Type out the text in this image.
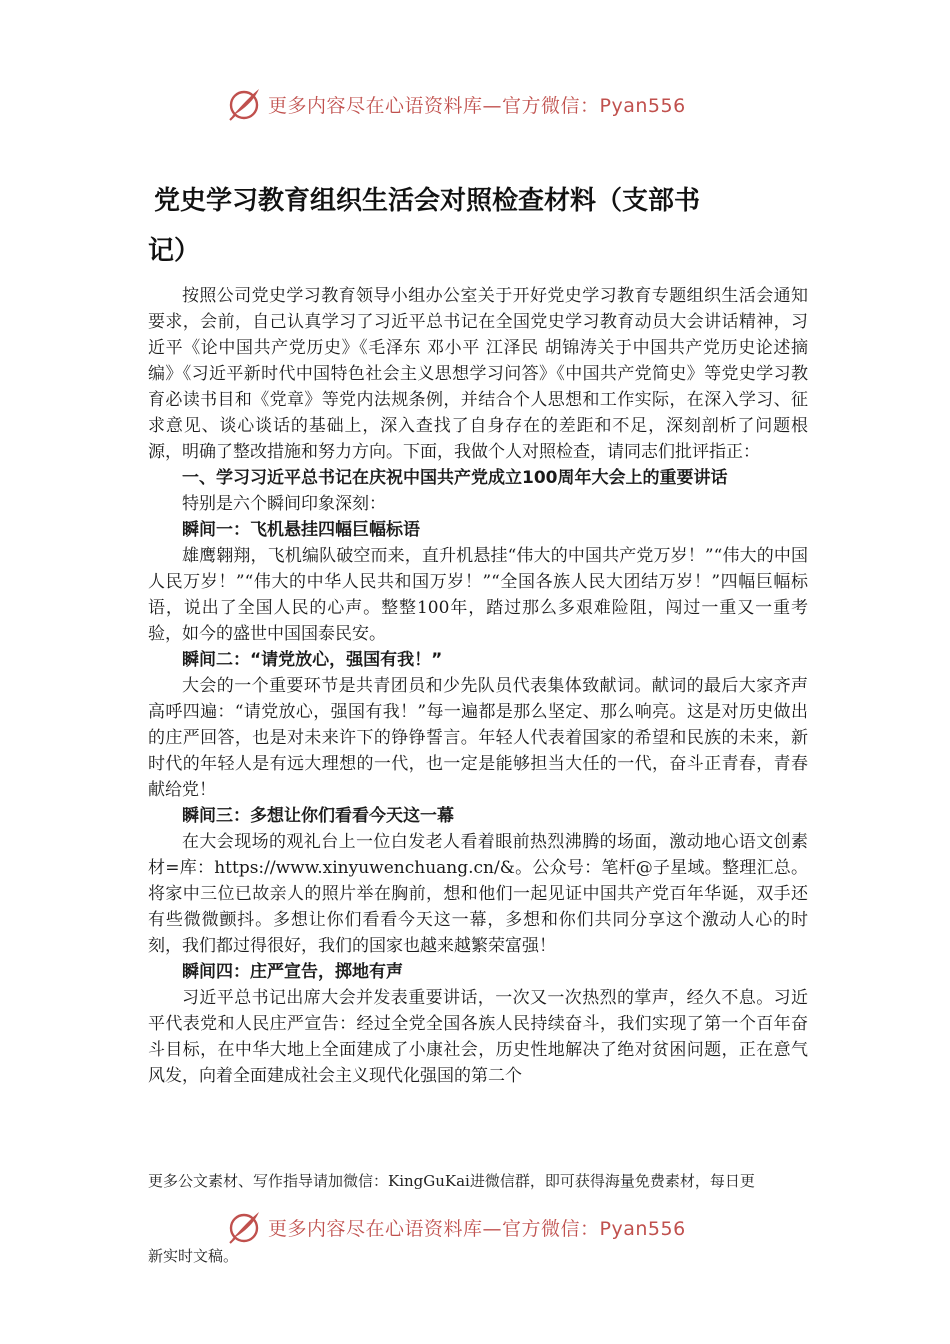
更多内容尽在心语资料库—官方微信：Pyan556
党史学习教育组织生活会对照检查材料（支部书
记）

按照公司党史学习教育领导小组办公室关于开好党史学习教育专题组织生活会通知要求，会前，自己认真学习了习近平总书记在全国党史学习教育动员大会讲话精神，习近平《论中国共产党历史》《毛泽东 邓小平 江泽民 胡锦涛关于中国共产党历史论述摘编》《习近平新时代中国特色社会主义思想学习问答》《中国共产党简史》等党史学习教育必读书目和《党章》等党内法规条例，并结合个人思想和工作实际，在深入学习、征求意见、谈心谈话的基础上，深入查找了自身存在的差距和不足，深刻剖析了问题根源，明确了整改措施和努力方向。下面，我做个人对照检查，请同志们批评指正：

一、学习习近平总书记在庆祝中国共产党成立100周年大会上的重要讲话

特别是六个瞬间印象深刻：

瞬间一：飞机悬挂四幅巨幅标语

雄鹰翱翔，飞机编队破空而来，直升机悬挂“伟大的中国共产党万岁！”“伟大的中国人民万岁！”“伟大的中华人民共和国万岁！”“全国各族人民大团结万岁！”四幅巨幅标语，说出了全国人民的心声。整整100年，踏过那么多艰难险阻，闯过一重又一重考验，如今的盛世中国国泰民安。

瞬间二：“请党放心，强国有我！”

大会的一个重要环节是共青团员和少先队员代表集体致献词。献词的最后大家齐声高呼四遍：“请党放心，强国有我！”每一遍都是那么坚定、那么响亮。这是对历史做出的庄严回答，也是对未来许下的铮铮誓言。年轻人代表着国家的希望和民族的未来，新时代的年轻人是有远大理想的一代，也一定是能够担当大任的一代，奋斗正青春，青春献给党！

瞬间三：多想让你们看看今天这一幕

在大会现场的观礼台上一位白发老人看着眼前热烈沸腾的场面，激动地心语文创素材=库：https://www.xinyuwenchuang.cn/&。公众号：笔杆@子星域。整理汇总。将家中三位已故亲人的照片举在胸前，想和他们一起见证中国共产党百年华诞，双手还有些微微颤抖。多想让你们看看今天这一幕，多想和你们共同分享这个激动人心的时刻，我们都过得很好，我们的国家也越来越繁荣富强！

瞬间四：庄严宣告，掷地有声

习近平总书记出席大会并发表重要讲话，一次又一次热烈的掌声，经久不息。习近平代表党和人民庄严宣告：经过全党全国各族人民持续奋斗，我们实现了第一个百年奋斗目标，在中华大地上全面建成了小康社会，历史性地解决了绝对贫困问题，正在意气风发，向着全面建成社会主义现代化强国的第二个

更多公文素材、写作指导请加微信：KingGuKai进微信群，即可获得海量免费素材，每日更
更多内容尽在心语资料库—官方微信：Pyan556
新实时文稿。
